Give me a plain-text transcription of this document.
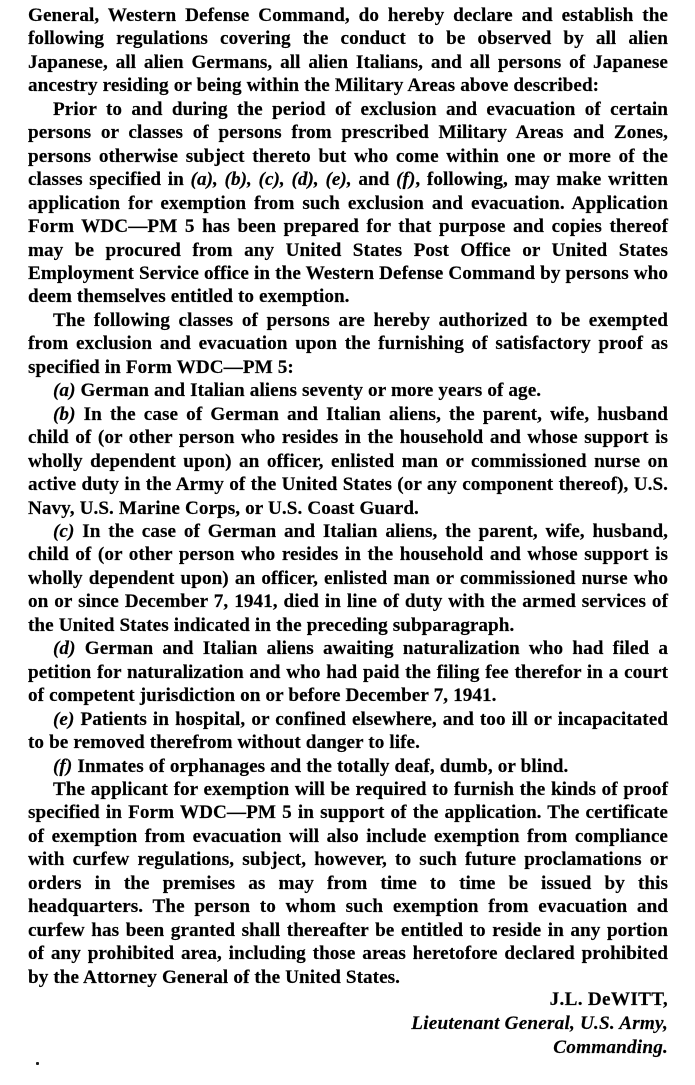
General, Western Defense Command, do hereby declare and establish the following regulations covering the conduct to be observed by all alien Japanese, all alien Germans, all alien Italians, and all persons of Japanese ancestry residing or being within the Military Areas above described:

Prior to and during the period of exclusion and evacuation of certain persons or classes of persons from prescribed Military Areas and Zones, persons otherwise subject thereto but who come within one or more of the classes specified in (a), (b), (c), (d), (e), and (f), following, may make written application for exemption from such exclusion and evacuation. Application Form WDC—PM 5 has been prepared for that purpose and copies thereof may be procured from any United States Post Office or United States Employment Service office in the Western Defense Command by persons who deem themselves entitled to exemption.

The following classes of persons are hereby authorized to be exempted from exclusion and evacuation upon the furnishing of satisfactory proof as specified in Form WDC—PM 5:

(a) German and Italian aliens seventy or more years of age.

(b) In the case of German and Italian aliens, the parent, wife, husband child of (or other person who resides in the household and whose support is wholly dependent upon) an officer, enlisted man or commissioned nurse on active duty in the Army of the United States (or any component thereof), U.S. Navy, U.S. Marine Corps, or U.S. Coast Guard.

(c) In the case of German and Italian aliens, the parent, wife, husband, child of (or other person who resides in the household and whose support is wholly dependent upon) an officer, enlisted man or commissioned nurse who on or since December 7, 1941, died in line of duty with the armed services of the United States indicated in the preceding subparagraph.

(d) German and Italian aliens awaiting naturalization who had filed a petition for naturalization and who had paid the filing fee therefor in a court of competent jurisdiction on or before December 7, 1941.

(e) Patients in hospital, or confined elsewhere, and too ill or incapacitated to be removed therefrom without danger to life.

(f) Inmates of orphanages and the totally deaf, dumb, or blind.

The applicant for exemption will be required to furnish the kinds of proof specified in Form WDC—PM 5 in support of the application. The certificate of exemption from evacuation will also include exemption from compliance with curfew regulations, subject, however, to such future proclamations or orders in the premises as may from time to time be issued by this headquarters. The person to whom such exemption from evacuation and curfew has been granted shall thereafter be entitled to reside in any portion of any prohibited area, including those areas heretofore declared prohibited by the Attorney General of the United States.

J.L. DeWITT,
Lieutenant General, U.S. Army,
Commanding.
